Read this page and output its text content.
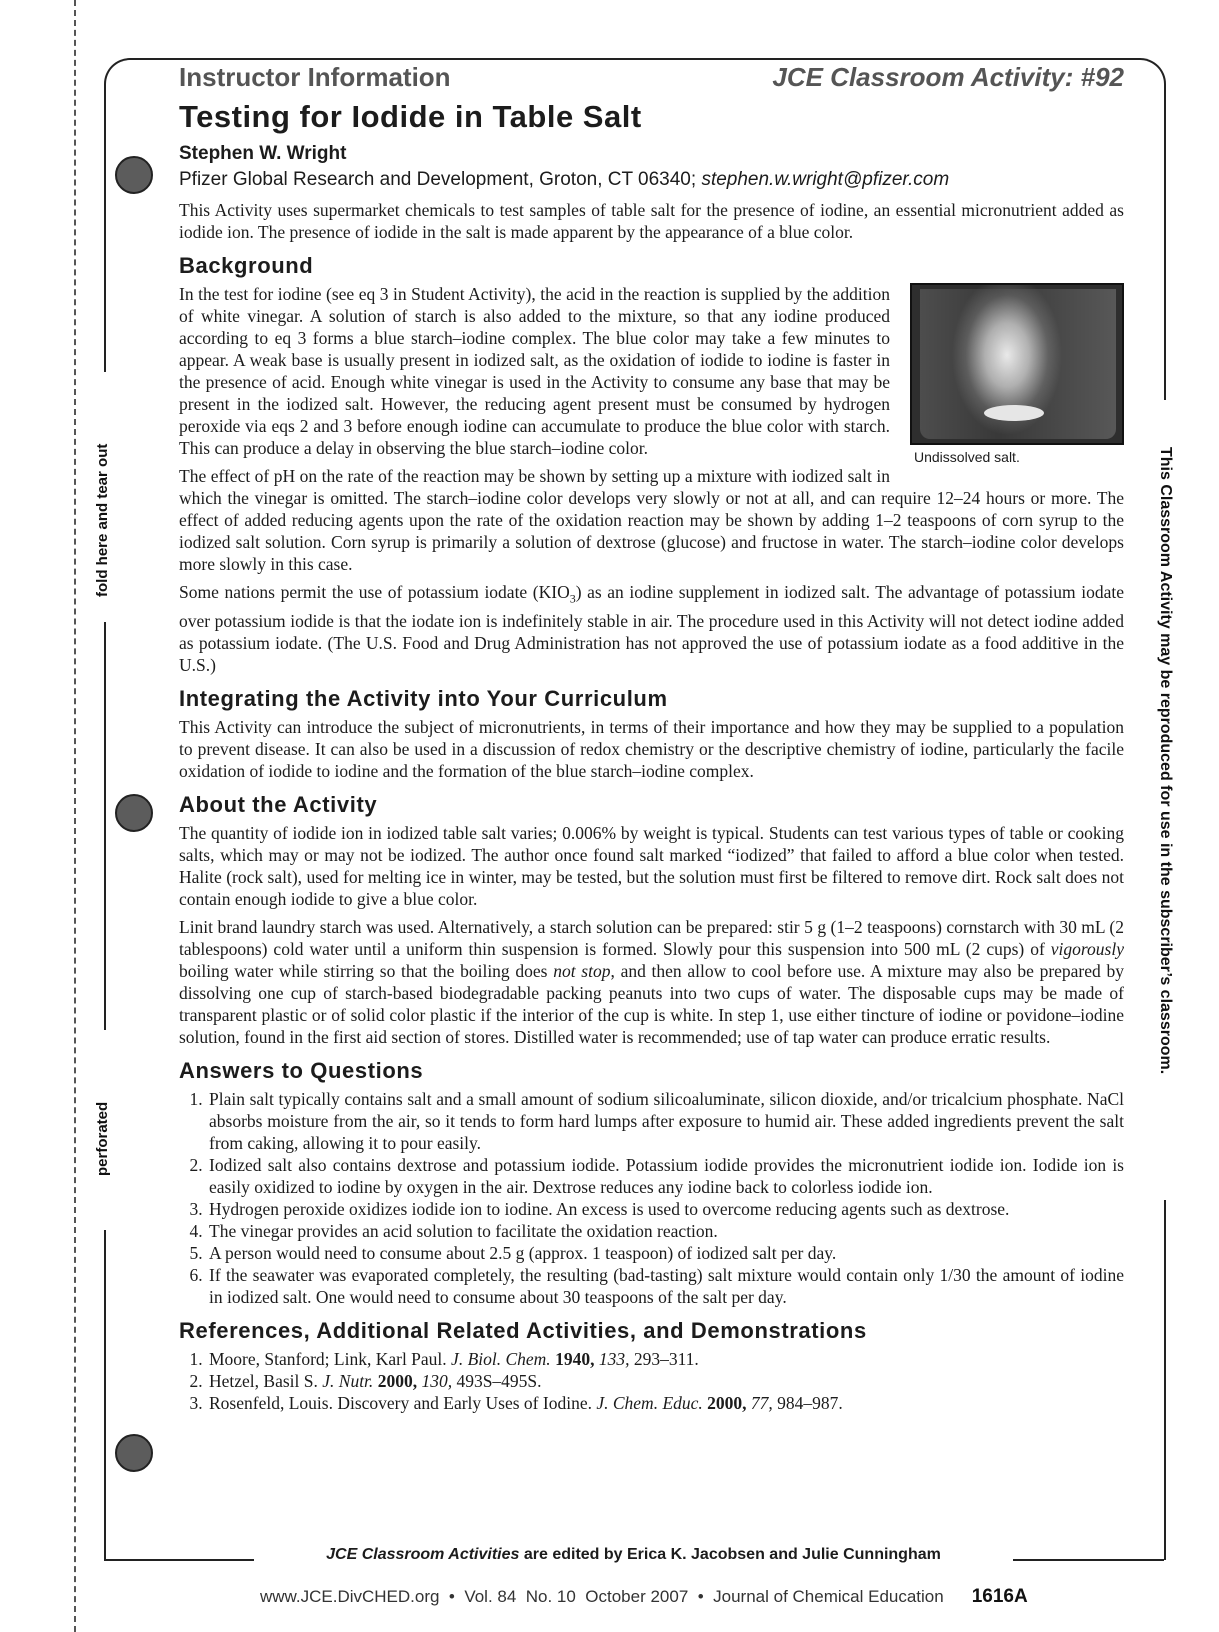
fold here and tear out
perforated
This Classroom Activity may be reproduced for use in the subscriber’s classroom.
Instructor Information	JCE Classroom Activity: #92
Testing for Iodide in Table Salt
Stephen W. Wright
Pfizer Global Research and Development, Groton, CT 06340; stephen.w.wright@pfizer.com

This Activity uses supermarket chemicals to test samples of table salt for the presence of iodine, an essential micronutrient added as iodide ion. The presence of iodide in the salt is made apparent by the appearance of a blue color.

Background
Undissolved salt.

In the test for iodine (see eq 3 in Student Activity), the acid in the reaction is supplied by the addition of white vinegar. A solution of starch is also added to the mixture, so that any iodine produced according to eq 3 forms a blue starch–iodine complex. The blue color may take a few minutes to appear. A weak base is usually present in iodized salt, as the oxidation of iodide to iodine is faster in the presence of acid. Enough white vinegar is used in the Activity to consume any base that may be present in the iodized salt. However, the reducing agent present must be consumed by hydrogen peroxide via eqs 2 and 3 before enough iodine can accumulate to produce the blue color with starch. This can produce a delay in observing the blue starch–iodine color.

The effect of pH on the rate of the reaction may be shown by setting up a mixture with iodized salt in which the vinegar is omitted. The starch–iodine color develops very slowly or not at all, and can require 12–24 hours or more. The effect of added reducing agents upon the rate of the oxidation reaction may be shown by adding 1–2 teaspoons of corn syrup to the iodized salt solution. Corn syrup is primarily a solution of dextrose (glucose) and fructose in water. The starch–iodine color develops more slowly in this case.

Some nations permit the use of potassium iodate $(KIO_3)$ as an iodine supplement in iodized salt. The advantage of potassium iodate over potassium iodide is that the iodate ion is indefinitely stable in air. The procedure used in this Activity will not detect iodine added as potassium iodate. (The U.S. Food and Drug Administration has not approved the use of potassium iodate as a food additive in the U.S.)

Integrating the Activity into Your Curriculum

This Activity can introduce the subject of micronutrients, in terms of their importance and how they may be supplied to a population to prevent disease. It can also be used in a discussion of redox chemistry or the descriptive chemistry of iodine, particularly the facile oxidation of iodide to iodine and the formation of the blue starch–iodine complex.

About the Activity

The quantity of iodide ion in iodized table salt varies; 0.006% by weight is typical. Students can test various types of table or cooking salts, which may or may not be iodized. The author once found salt marked “iodized” that failed to afford a blue color when tested. Halite (rock salt), used for melting ice in winter, may be tested, but the solution must first be filtered to remove dirt. Rock salt does not contain enough iodide to give a blue color.

Linit brand laundry starch was used. Alternatively, a starch solution can be prepared: stir 5 g (1–2 teaspoons) cornstarch with 30 mL (2 tablespoons) cold water until a uniform thin suspension is formed. Slowly pour this suspension into 500 mL (2 cups) of vigorously boiling water while stirring so that the boiling does not stop, and then allow to cool before use. A mixture may also be prepared by dissolving one cup of starch-based biodegradable packing peanuts into two cups of water. The disposable cups may be made of transparent plastic or of solid color plastic if the interior of the cup is white. In step 1, use either tincture of iodine or povidone–iodine solution, found in the first aid section of stores. Distilled water is recommended; use of tap water can produce erratic results.

Answers to Questions
1. Plain salt typically contains salt and a small amount of sodium silicoaluminate, silicon dioxide, and/or tricalcium phosphate. NaCl absorbs moisture from the air, so it tends to form hard lumps after exposure to humid air. These added ingredients prevent the salt from caking, allowing it to pour easily.
2. Iodized salt also contains dextrose and potassium iodide. Potassium iodide provides the micronutrient iodide ion. Iodide ion is easily oxidized to iodine by oxygen in the air. Dextrose reduces any iodine back to colorless iodide ion.
3. Hydrogen peroxide oxidizes iodide ion to iodine. An excess is used to overcome reducing agents such as dextrose.
4. The vinegar provides an acid solution to facilitate the oxidation reaction.
5. A person would need to consume about 2.5 g (approx. 1 teaspoon) of iodized salt per day.
6. If the seawater was evaporated completely, the resulting (bad-tasting) salt mixture would contain only 1/30 the amount of iodine in iodized salt. One would need to consume about 30 teaspoons of the salt per day.
References, Additional Related Activities, and Demonstrations
1. Moore, Stanford; Link, Karl Paul. J. Biol. Chem. 1940, 133, 293–311.
2. Hetzel, Basil S. J. Nutr. 2000, 130, 493S–495S.
3. Rosenfeld, Louis. Discovery and Early Uses of Iodine. J. Chem. Educ. 2000, 77, 984–987.
JCE Classroom Activities are edited by Erica K. Jacobsen and Julie Cunningham
www.JCE.DivCHED.org  •  Vol. 84  No. 10  October 2007  •  Journal of Chemical Education 1616A
